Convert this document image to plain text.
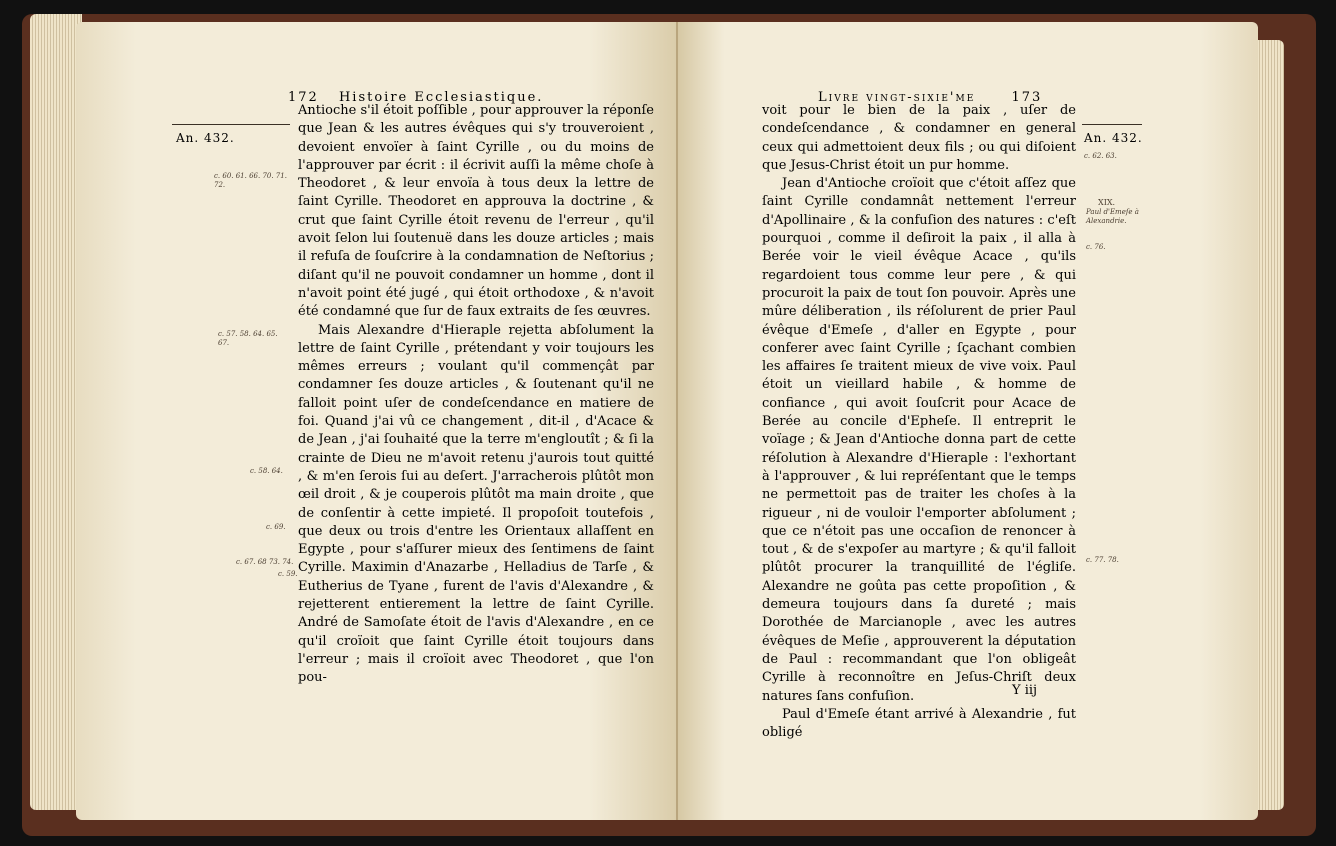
172 Histoire Ecclesiastique.
An. 432.
c. 60. 61. 66. 70. 71. 72.
c. 57. 58. 64. 65. 67.
c. 58. 64.
c. 69.
c. 67. 68 73. 74.
c. 59.

Antioche s'il étoit poſſible , pour approuver la réponſe que Jean & les autres évêques qui s'y trouveroient , devoient envoïer à ſaint Cyrille , ou du moins de l'approuver par écrit : il écrivit auſſi la même choſe à Theodoret , & leur envoïa à tous deux la lettre de ſaint Cyrille. Theodoret en approuva la doctrine , & crut que ſaint Cyrille étoit revenu de l'erreur , qu'il avoit ſelon lui ſoutenuë dans les douze articles ; mais il refuſa de ſouſcrire à la condamnation de Neſtorius ; diſant qu'il ne pouvoit condamner un homme , dont il n'avoit point été jugé , qui étoit orthodoxe , & n'avoit été condamné que ſur de faux extraits de ſes œuvres.

Mais Alexandre d'Hieraple rejetta abſolument la lettre de ſaint Cyrille , prétendant y voir toujours les mêmes erreurs ; voulant qu'il commençât par condamner ſes douze articles , & ſoutenant qu'il ne falloit point uſer de condeſcendance en matiere de foi. Quand j'ai vû ce changement , dit-il , d'Acace & de Jean , j'ai ſouhaité que la terre m'engloutît ; & ſi la crainte de Dieu ne m'avoit retenu j'aurois tout quitté , & m'en ſerois ſui au deſert. J'arracherois plûtôt mon œil droit , & je couperois plûtôt ma main droite , que de conſentir à cette impieté. Il propoſoit toutefois , que deux ou trois d'entre les Orientaux allaſſent en Egypte , pour s'aſſurer mieux des ſentimens de ſaint Cyrille. Maximin d'Anazarbe , Helladius de Tarſe , & Eutherius de Tyane , furent de l'avis d'Alexandre , & rejetterent entierement la lettre de ſaint Cyrille. André de Samoſate étoit de l'avis d'Alexandre , en ce qu'il croïoit que ſaint Cyrille étoit toujours dans l'erreur ; mais il croïoit avec Theodoret , que l'on pou-

Livre vingt-sixie'me	173
An. 432.
c. 62. 63.
XIX.
Paul d'Emeſe à Alexandrie.
c. 76.
c. 77. 78.

voit pour le bien de la paix , uſer de condeſcendance , & condamner en general ceux qui admettoient deux fils ; ou qui diſoient que Jesus-Christ étoit un pur homme.

Jean d'Antioche croïoit que c'étoit aſſez que ſaint Cyrille condamnât nettement l'erreur d'Apollinaire , & la confuſion des natures : c'eſt pourquoi , comme il deſiroit la paix , il alla à Berée voir le vieil évêque Acace , qu'ils regardoient tous comme leur pere , & qui procuroit la paix de tout ſon pouvoir. Après une mûre déliberation , ils réſolurent de prier Paul évêque d'Emeſe , d'aller en Egypte , pour conferer avec ſaint Cyrille ; ſçachant combien les affaires ſe traitent mieux de vive voix. Paul étoit un vieillard habile , & homme de confiance , qui avoit ſouſcrit pour Acace de Berée au concile d'Epheſe. Il entreprit le voïage ; & Jean d'Antioche donna part de cette réſolution à Alexandre d'Hieraple : l'exhortant à l'approuver , & lui repréſentant que le temps ne permettoit pas de traiter les choſes à la rigueur , ni de vouloir l'emporter abſolument ; que ce n'étoit pas une occaſion de renoncer à tout , & de s'expoſer au martyre ; & qu'il falloit plûtôt procurer la tranquillité de l'égliſe. Alexandre ne goûta pas cette propoſition , & demeura toujours dans ſa dureté ; mais Dorothée de Marcianople , avec les autres évêques de Meſie , approuverent la députation de Paul : recommandant que l'on obligeât Cyrille à reconnoître en Jeſus-Chriſt deux natures ſans confuſion.

Paul d'Emeſe étant arrivé à Alexandrie , fut obligé

Y iij
